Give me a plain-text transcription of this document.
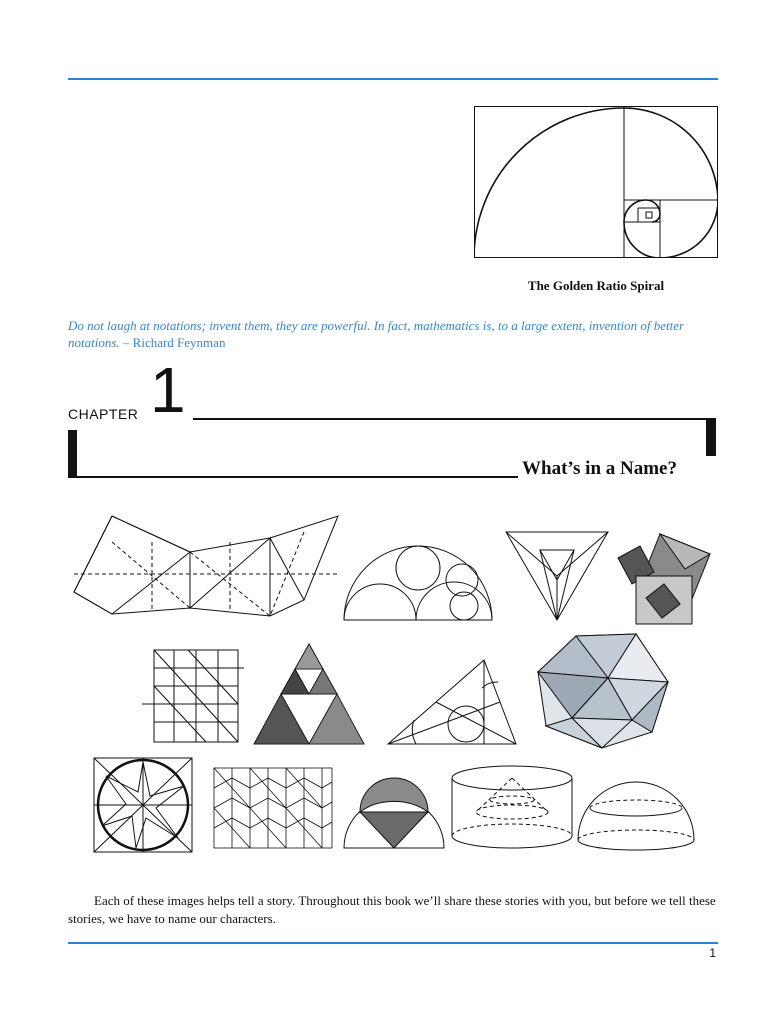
The Golden Ratio Spiral
Do not laugh at notations; invent them, they are powerful. In fact, mathematics is, to a large extent, invention of better notations. – Richard Feynman
CHAPTER 1
What’s in a Name?
Each of these images helps tell a story. Throughout this book we’ll share these stories with you, but before we tell these stories, we have to name our characters.
1
